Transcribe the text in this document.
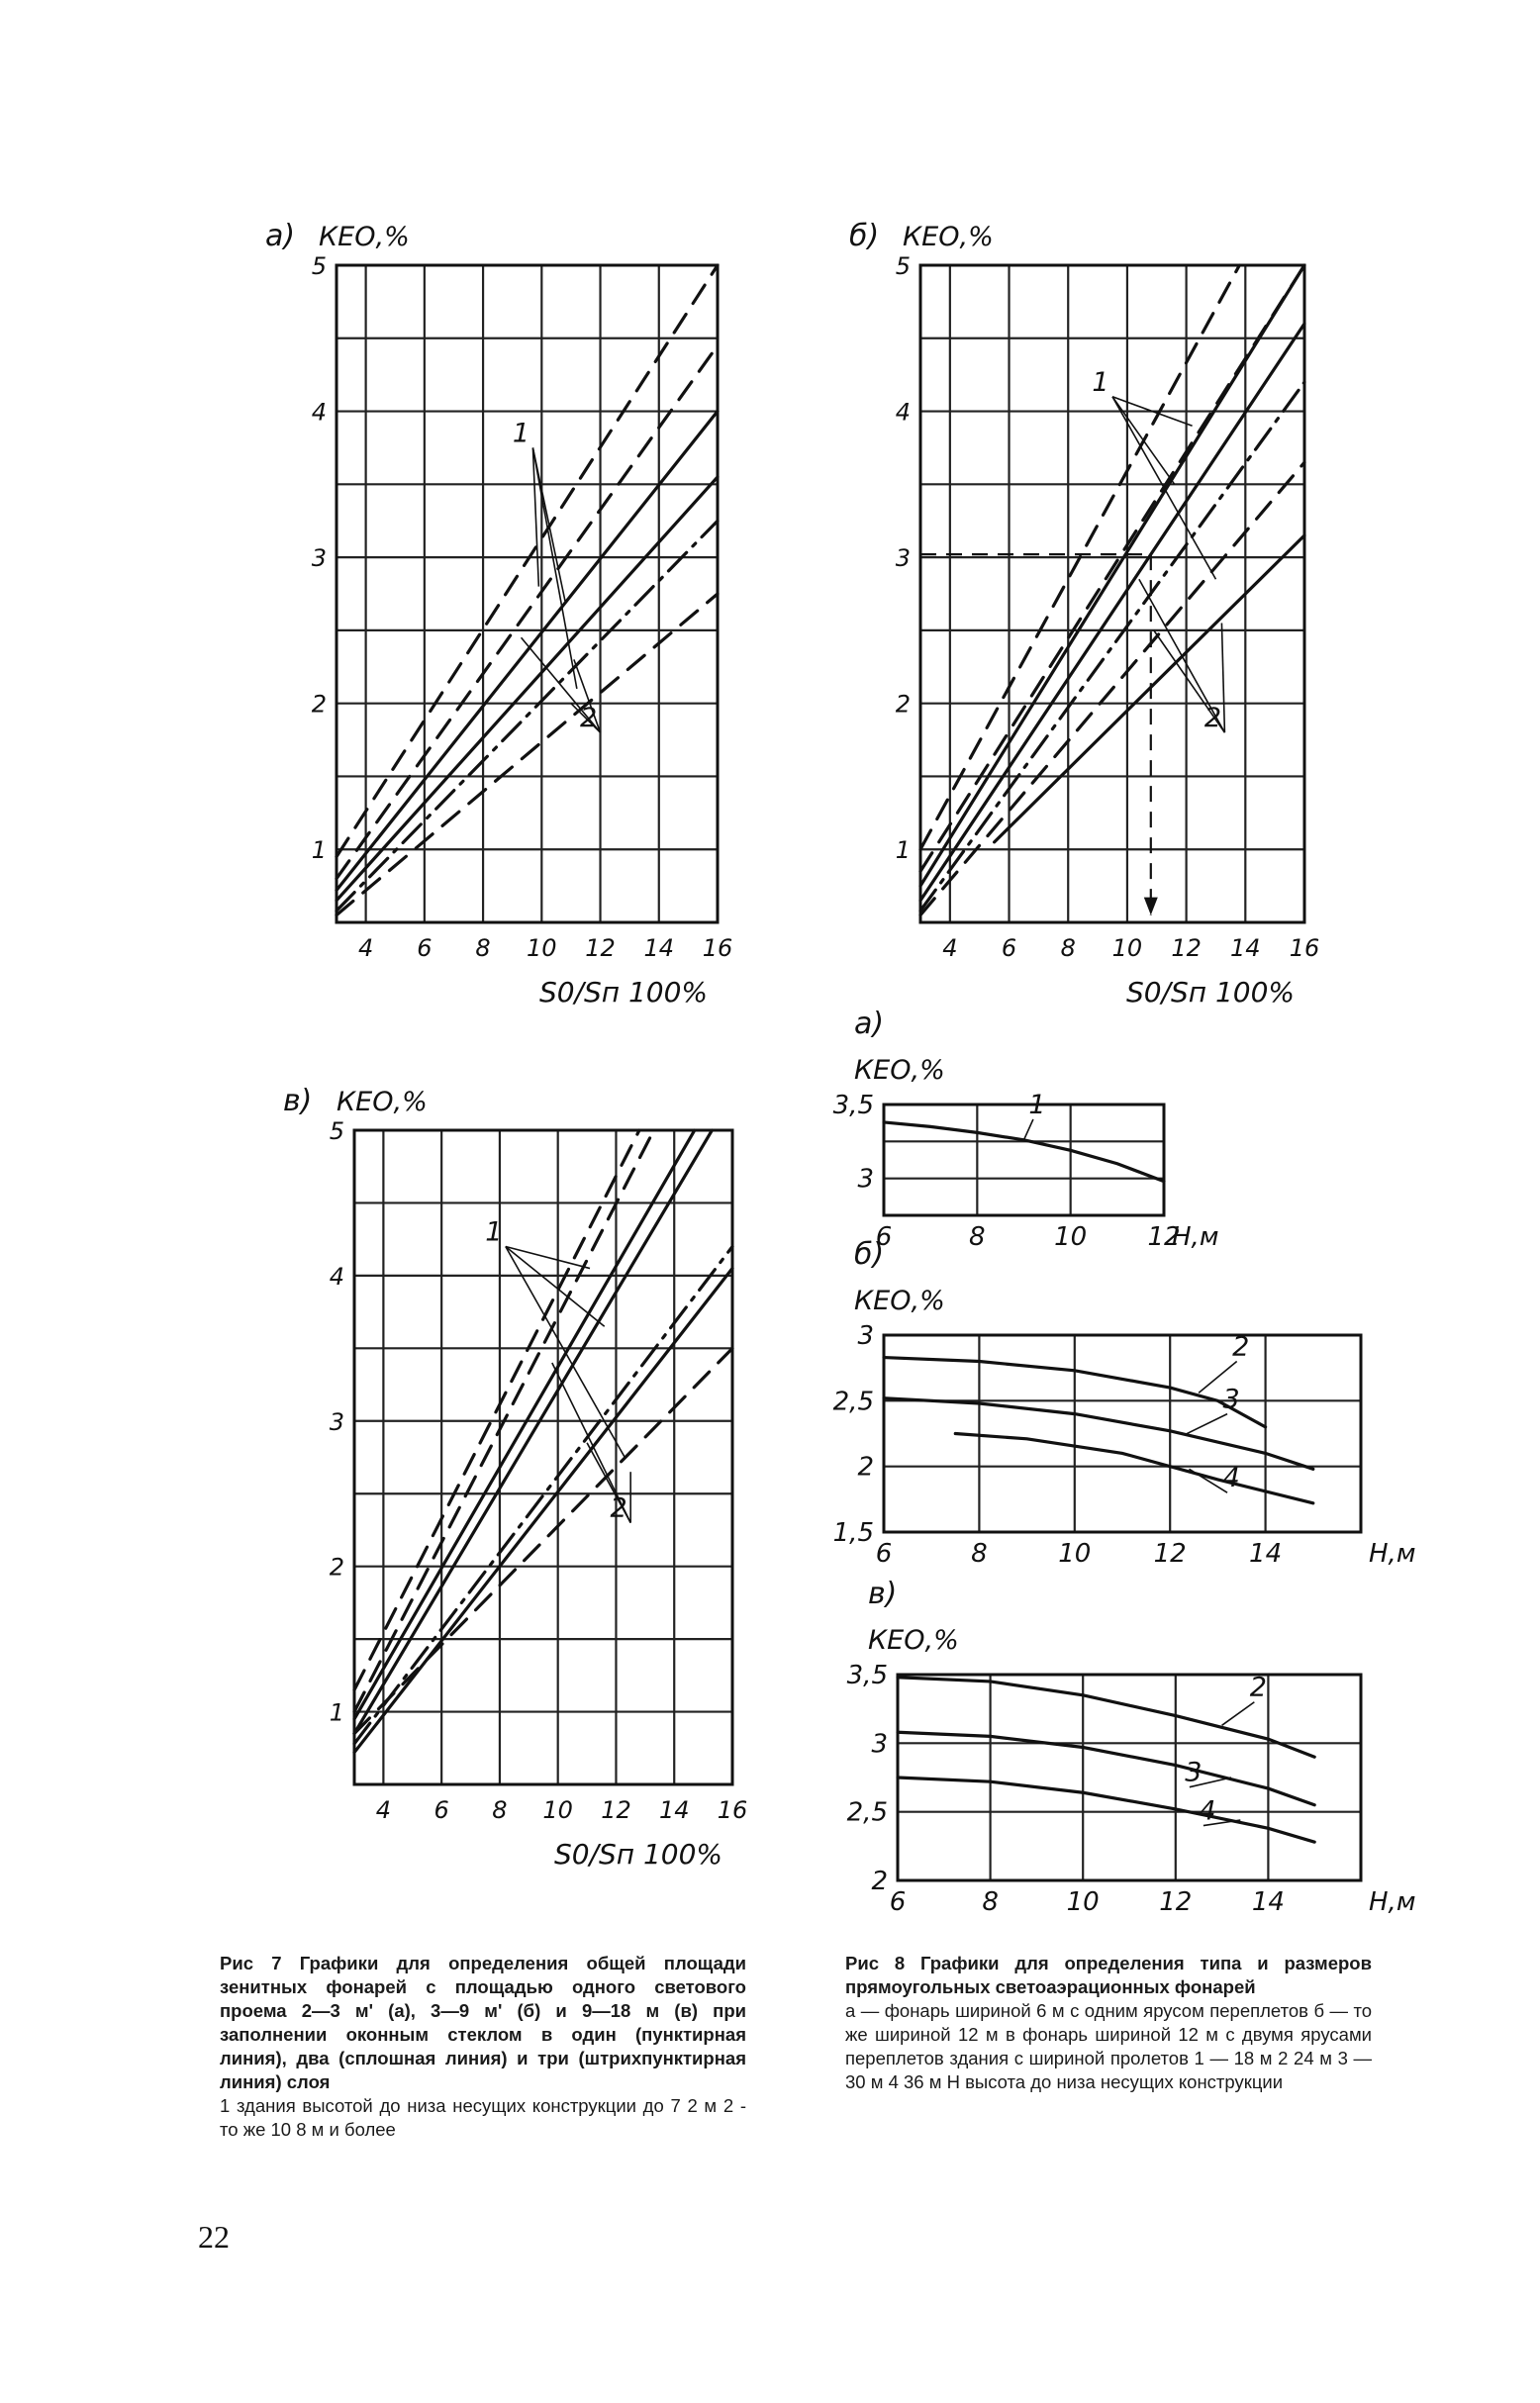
4 6 8 10 12 14 16
1
2
3
4
5
а) КЕО,%
S0/Sп 100%
1
2
4 6 8 10 12 14 16
1
2
3
4
5
б) КЕО,%
S0/Sп 100%
1
2
4 6 8 10 12 14 16
1
2
3
4
5
в) КЕО,%
S0/Sп 100%
1
2
6	8	10 12
3
3,5
а)
КЕО,%
H,м
1
6	8	10 12 14
1,5
2
2,5
3
б)
КЕО,%
H,м
2
3
4
6	8	10 12 14
2
2,5
3
3,5
в)
КЕО,%
H,м
2
3
4
Рис 7 Графики для определения общей площади зенитных фонарей с площадью одного светового проема 2—3 м' (а), 3—9 м' (б) и 9—18 м (в) при заполнении оконным стеклом в один (пунктирная линия), два (сплошная линия) и три (штрихпунктирная линия) слоя
1 здания высотой до низа несущих конструкции до 7 2 м 2 - то же 10 8 м и более
Рис 8 Графики для определения типа и размеров прямоугольных светоаэрационных фонарей
а — фонарь шириной 6 м с одним ярусом переплетов б — то же шириной 12 м в фонарь шириной 12 м с двумя ярусами переплетов здания с шириной пролетов 1 — 18 м 2 24 м 3 — 30 м 4 36 м H высота до низа несущих конструкции
22
